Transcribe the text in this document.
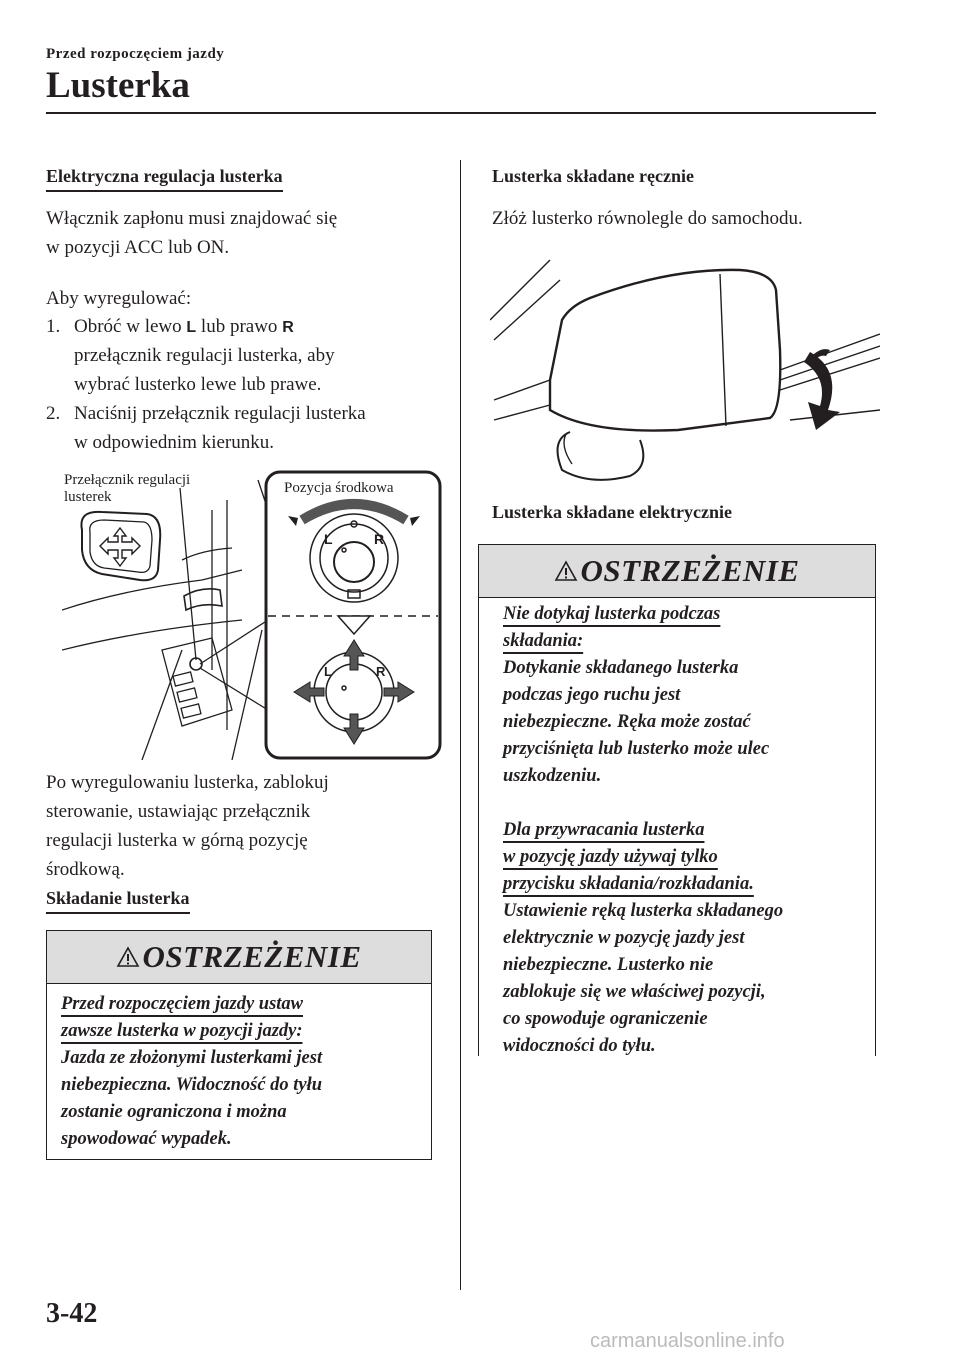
Przed rozpoczęciem jazdy
Lusterka
Elektryczna regulacja lusterka
Włącznik zapłonu musi znajdować się
w pozycji ACC lub ON.
Aby wyregulować:
1. Obróć w lewo L lub prawo R
przełącznik regulacji lusterka, aby
wybrać lusterko lewe lub prawe.
2. Naciśnij przełącznik regulacji lusterka
w odpowiednim kierunku.
L	R
L	R
Przełącznik regulacji
lusterek
Pozycja środkowa
Po wyregulowaniu lusterka, zablokuj
sterowanie, ustawiając przełącznik
regulacji lusterka w górną pozycję
środkową.
Składanie lusterka
OSTRZEŻENIE
Przed rozpoczęciem jazdy ustaw
zawsze lusterka w pozycji jazdy:
Jazda ze złożonymi lusterkami jest
niebezpieczna. Widoczność do tyłu
zostanie ograniczona i można
spowodować wypadek.
Lusterka składane ręcznie
Złóż lusterko równolegle do samochodu.
Lusterka składane elektrycznie
OSTRZEŻENIE
Nie dotykaj lusterka podczas
składania:
Dotykanie składanego lusterka
podczas jego ruchu jest
niebezpieczne. Ręka może zostać
przyciśnięta lub lusterko może ulec
uszkodzeniu.
Dla przywracania lusterka
w pozycję jazdy używaj tylko
przycisku składania/rozkładania.
Ustawienie ręką lusterka składanego
elektrycznie w pozycję jazdy jest
niebezpieczne. Lusterko nie
zablokuje się we właściwej pozycji,
co spowoduje ograniczenie
widoczności do tyłu.
3-42
carmanualsonline.info
